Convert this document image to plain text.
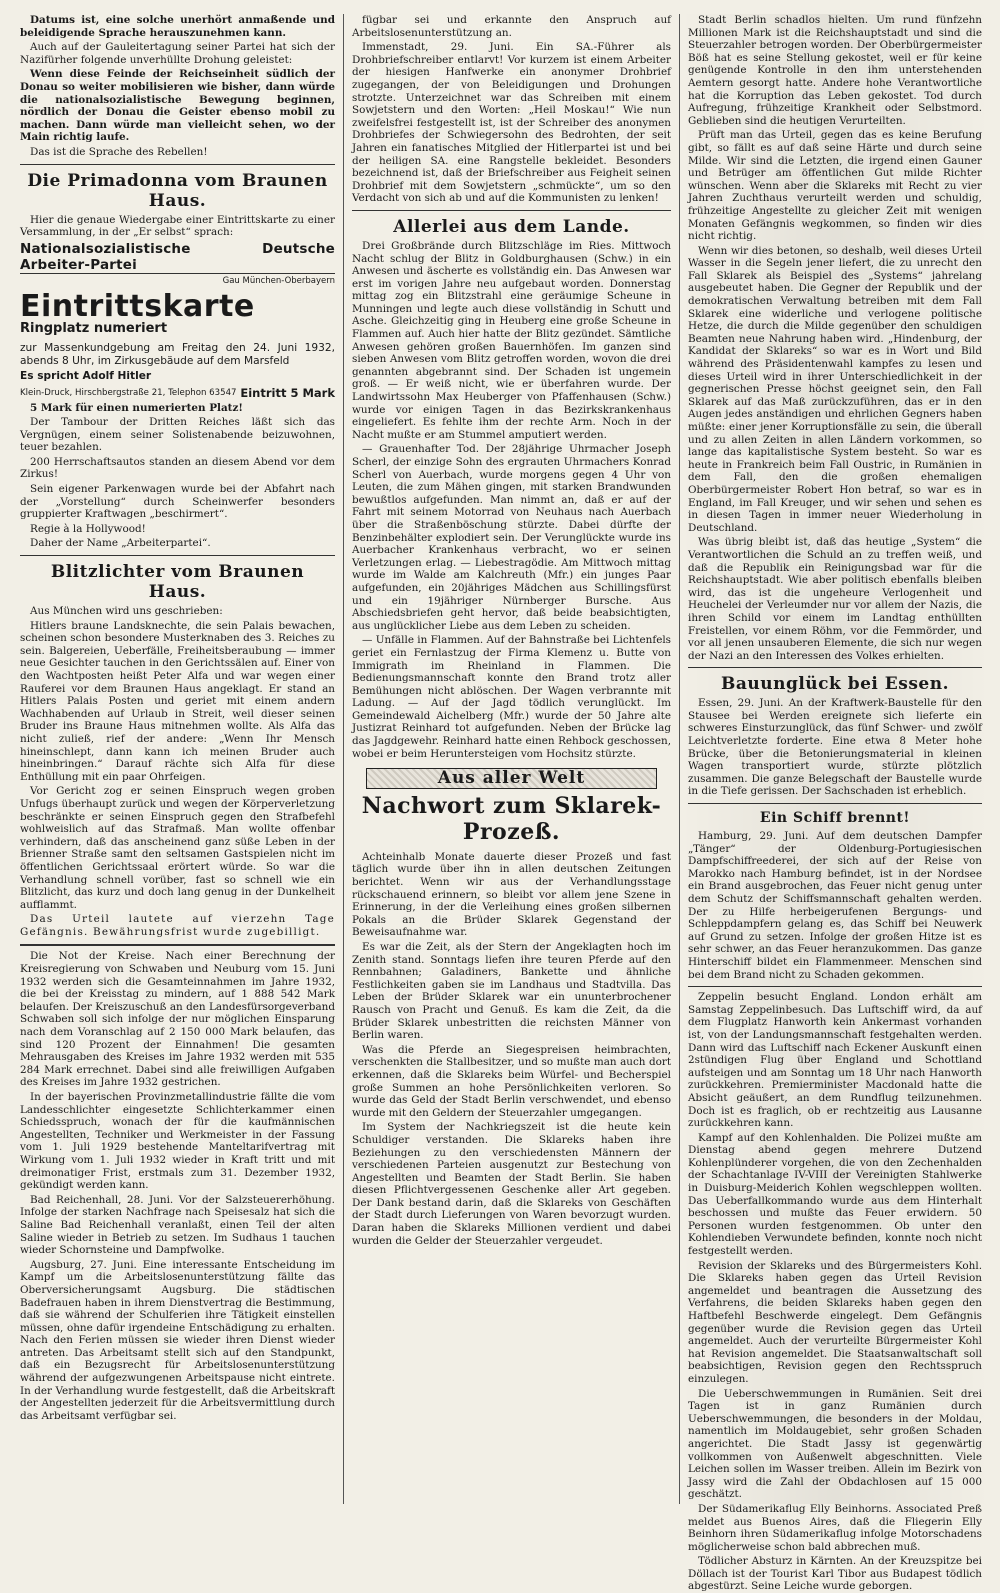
Datums ist, eine solche unerhört anmaßende und beleidigende Sprache herauszunehmen kann.

Auch auf der Gauleitertagung seiner Partei hat sich der Nazifürher folgende unverhüllte Drohung geleistet:

Wenn diese Feinde der Reichseinheit südlich der Donau so weiter mobilisieren wie bisher, dann würde die nationalsozialistische Bewegung beginnen, nördlich der Donau die Geister ebenso mobil zu machen. Dann würde man vielleicht sehen, wo der Main richtig laufe.

Das ist die Sprache des Rebellen!

Die Primadonna vom Braunen Haus.

Hier die genaue Wiedergabe einer Eintrittskarte zu einer Versammlung, in der „Er selbst“ sprach:

Nationalsozialistische Deutsche Arbeiter-Partei
Gau München-Oberbayern
Eintrittskarte
Ringplatz numeriert

zur Massenkundgebung am Freitag den 24. Juni 1932, abends 8 Uhr, im Zirkusgebäude auf dem Marsfeld

Es spricht Adolf Hitler

Klein-Druck, Hirschbergstraße 21, Telephon 63547 Eintritt 5 Mark

5 Mark für einen numerierten Platz!

Der Tambour der Dritten Reiches läßt sich das Vergnügen, einem seiner Solistenabende beizuwohnen, teuer bezahlen.

200 Herrschaftsautos standen an diesem Abend vor dem Zirkus!

Sein eigener Parkenwagen wurde bei der Abfahrt nach der „Vorstellung“ durch Scheinwerfer besonders gruppierter Kraftwagen „beschirmert“.

Regie à la Hollywood!

Daher der Name „Arbeiterpartei“.

Blitzlichter vom Braunen Haus.

Aus München wird uns geschrieben:

Hitlers braune Landsknechte, die sein Palais bewachen, scheinen schon besondere Musterknaben des 3. Reiches zu sein. Balgereien, Ueberfälle, Freiheitsberaubung — immer neue Gesichter tauchen in den Gerichtssälen auf. Einer von den Wachtposten heißt Peter Alfa und war wegen einer Rauferei vor dem Braunen Haus angeklagt. Er stand an Hitlers Palais Posten und geriet mit einem andern Wachhabenden auf Urlaub in Streit, weil dieser seinen Bruder ins Braune Haus mitnehmen wollte. Als Alfa das nicht zuließ, rief der andere: „Wenn Ihr Mensch hineinschlept, dann kann ich meinen Bruder auch hineinbringen.“ Darauf rächte sich Alfa für diese Enthüllung mit ein paar Ohrfeigen.

Vor Gericht zog er seinen Einspruch wegen groben Unfugs überhaupt zurück und wegen der Körperverletzung beschränkte er seinen Einspruch gegen den Strafbefehl wohlweislich auf das Strafmaß. Man wollte offenbar verhindern, daß das anscheinend ganz süße Leben in der Brienner Straße samt den seltsamen Gastspielen nicht im öffentlichen Gerichtssaal erörtert würde. So war die Verhandlung schnell vorüber, fast so schnell wie ein Blitzlicht, das kurz und doch lang genug in der Dunkelheit aufflammt.

Das Urteil lautete auf vierzehn Tage Gefängnis. Bewährungsfrist wurde zugebilligt.

Die Not der Kreise. Nach einer Berechnung der Kreisregierung von Schwaben und Neuburg vom 15. Juni 1932 werden sich die Gesamteinnahmen im Jahre 1932, die bei der Kreisstag zu mindern, auf 1 888 542 Mark belaufen. Der Kreiszuschuß an den Landesfürsorgeverband Schwaben soll sich infolge der nur möglichen Einsparung nach dem Voranschlag auf 2 150 000 Mark belaufen, das sind 120 Prozent der Einnahmen! Die gesamten Mehrausgaben des Kreises im Jahre 1932 werden mit 535 284 Mark errechnet. Dabei sind alle freiwilligen Aufgaben des Kreises im Jahre 1932 gestrichen.

In der bayerischen Provinzmetallindustrie fällte die vom Landesschlichter eingesetzte Schlichterkammer einen Schiedsspruch, wonach der für die kaufmännischen Angestellten, Techniker und Werkmeister in der Fassung vom 1. Juli 1929 bestehende Manteltarifvertrag mit Wirkung vom 1. Juli 1932 wieder in Kraft tritt und mit dreimonatiger Frist, erstmals zum 31. Dezember 1932, gekündigt werden kann.

Bad Reichenhall, 28. Juni. Vor der Salzsteuererhöhung. Infolge der starken Nachfrage nach Speisesalz hat sich die Saline Bad Reichenhall veranlaßt, einen Teil der alten Saline wieder in Betrieb zu setzen. Im Sudhaus 1 tauchen wieder Schornsteine und Dampfwolke.

Augsburg, 27. Juni. Eine interessante Entscheidung im Kampf um die Arbeitslosenunterstützung fällte das Oberversicherungsamt Augsburg. Die städtischen Badefrauen haben in ihrem Dienstvertrag die Bestimmung, daß sie während der Schulferien ihre Tätigkeit einstellen müssen, ohne dafür irgendeine Entschädigung zu erhalten. Nach den Ferien müssen sie wieder ihren Dienst wieder antreten. Das Arbeitsamt stellt sich auf den Standpunkt, daß ein Bezugsrecht für Arbeitslosenunterstützung während der aufgezwungenen Arbeitspause nicht eintrete. In der Verhandlung wurde festgestellt, daß die Arbeitskraft der Angestellten jederzeit für die Arbeitsvermittlung durch das Arbeitsamt verfügbar sei.

fügbar sei und erkannte den Anspruch auf Arbeitslosenunterstützung an.

Immenstadt, 29. Juni. Ein SA.-Führer als Drohbriefschreiber entlarvt! Vor kurzem ist einem Arbeiter der hiesigen Hanfwerke ein anonymer Drohbrief zugegangen, der von Beleidigungen und Drohungen strotzte. Unterzeichnet war das Schreiben mit einem Sowjetstern und den Worten: „Heil Moskau!“ Wie nun zweifelsfrei festgestellt ist, ist der Schreiber des anonymen Drohbriefes der Schwiegersohn des Bedrohten, der seit Jahren ein fanatisches Mitglied der Hitlerpartei ist und bei der heiligen SA. eine Rangstelle bekleidet. Besonders bezeichnend ist, daß der Briefschreiber aus Feigheit seinen Drohbrief mit dem Sowjetstern „schmückte“, um so den Verdacht von sich ab und auf die Kommunisten zu lenken!

Allerlei aus dem Lande.

Drei Großbrände durch Blitzschläge im Ries. Mittwoch Nacht schlug der Blitz in Goldburghausen (Schw.) in ein Anwesen und äscherte es vollständig ein. Das Anwesen war erst im vorigen Jahre neu aufgebaut worden. Donnerstag mittag zog ein Blitzstrahl eine geräumige Scheune in Munningen und legte auch diese vollständig in Schutt und Asche. Gleichzeitig ging in Heuberg eine große Scheune in Flammen auf. Auch hier hatte der Blitz gezündet. Sämtliche Anwesen gehören großen Bauernhöfen. Im ganzen sind sieben Anwesen vom Blitz getroffen worden, wovon die drei genannten abgebrannt sind. Der Schaden ist ungemein groß. — Er weiß nicht, wie er überfahren wurde. Der Landwirtssohn Max Heuberger von Pfaffenhausen (Schw.) wurde vor einigen Tagen in das Bezirkskrankenhaus eingeliefert. Es fehlte ihm der rechte Arm. Noch in der Nacht mußte er am Stummel amputiert werden.

— Grauenhafter Tod. Der 28jährige Uhrmacher Joseph Scherl, der einzige Sohn des ergrauten Uhrmachers Konrad Scherl von Auerbach, wurde morgens gegen 4 Uhr von Leuten, die zum Mähen gingen, mit starken Brandwunden bewußtlos aufgefunden. Man nimmt an, daß er auf der Fahrt mit seinem Motorrad von Neuhaus nach Auerbach über die Straßenböschung stürzte. Dabei dürfte der Benzinbehälter explodiert sein. Der Verunglückte wurde ins Auerbacher Krankenhaus verbracht, wo er seinen Verletzungen erlag. — Liebestragödie. Am Mittwoch mittag wurde im Walde am Kalchreuth (Mfr.) ein junges Paar aufgefunden, ein 20jähriges Mädchen aus Schillingsfürst und ein 19jähriger Nürnberger Bursche. Aus Abschiedsbriefen geht hervor, daß beide beabsichtigten, aus unglücklicher Liebe aus dem Leben zu scheiden.

— Unfälle in Flammen. Auf der Bahnstraße bei Lichtenfels geriet ein Fernlastzug der Firma Klemenz u. Butte von Immigrath im Rheinland in Flammen. Die Bedienungsmannschaft konnte den Brand trotz aller Bemühungen nicht ablöschen. Der Wagen verbrannte mit Ladung. — Auf der Jagd tödlich verunglückt. Im Gemeindewald Aichelberg (Mfr.) wurde der 50 Jahre alte Justizrat Reinhard tot aufgefunden. Neben der Brücke lag das Jagdgewehr. Reinhard hatte einen Rehbock geschossen, wobei er beim Heruntersteigen vom Hochsitz stürzte.

Aus aller Welt
Nachwort zum Sklarek-Prozeß.

Achteinhalb Monate dauerte dieser Prozeß und fast täglich wurde über ihn in allen deutschen Zeitungen berichtet. Wenn wir aus der Verhandlungsstage rückschauend erinnern, so bleibt vor allem jene Szene in Erinnerung, in der die Verleihung eines großen silbernen Pokals an die Brüder Sklarek Gegenstand der Beweisaufnahme war.

Es war die Zeit, als der Stern der Angeklagten hoch im Zenith stand. Sonntags liefen ihre teuren Pferde auf den Rennbahnen; Galadiners, Bankette und ähnliche Festlichkeiten gaben sie im Landhaus und Stadtvilla. Das Leben der Brüder Sklarek war ein ununterbrochener Rausch von Pracht und Genuß. Es kam die Zeit, da die Brüder Sklarek unbestritten die reichsten Männer von Berlin waren.

Was die Pferde an Siegespreisen heimbrachten, verschenkten die Stallbesitzer, und so mußte man auch dort erkennen, daß die Sklareks beim Würfel- und Becherspiel große Summen an hohe Persönlichkeiten verloren. So wurde das Geld der Stadt Berlin verschwendet, und ebenso wurde mit den Geldern der Steuerzahler umgegangen.

Im System der Nachkriegszeit ist die heute kein Schuldiger verstanden. Die Sklareks haben ihre Beziehungen zu den verschiedensten Männern der verschiedenen Parteien ausgenutzt zur Bestechung von Angestellten und Beamten der Stadt Berlin. Sie haben diesen Pflichtvergessenen Geschenke aller Art gegeben. Der Dank bestand darin, daß die Sklareks von Geschäften der Stadt durch Lieferungen von Waren bevorzugt wurden. Daran haben die Sklareks Millionen verdient und dabei wurden die Gelder der Steuerzahler vergeudet.

Stadt Berlin schadlos hielten. Um rund fünfzehn Millionen Mark ist die Reichshauptstadt und sind die Steuerzahler betrogen worden. Der Oberbürgermeister Böß hat es seine Stellung gekostet, weil er für keine genügende Kontrolle in den ihm unterstehenden Aemtern gesorgt hatte. Andere hohe Verantwortliche hat die Korruption das Leben gekostet. Tod durch Aufregung, frühzeitige Krankheit oder Selbstmord. Geblieben sind die heutigen Verurteilten.

Prüft man das Urteil, gegen das es keine Berufung gibt, so fällt es auf daß seine Härte und durch seine Milde. Wir sind die Letzten, die irgend einen Gauner und Betrüger am öffentlichen Gut milde Richter wünschen. Wenn aber die Sklareks mit Recht zu vier Jahren Zuchthaus verurteilt werden und schuldig, frühzeitige Angestellte zu gleicher Zeit mit wenigen Monaten Gefängnis wegkommen, so finden wir dies nicht richtig.

Wenn wir dies betonen, so deshalb, weil dieses Urteil Wasser in die Segeln jener liefert, die zu unrecht den Fall Sklarek als Beispiel des „Systems“ jahrelang ausgebeutet haben. Die Gegner der Republik und der demokratischen Verwaltung betreiben mit dem Fall Sklarek eine widerliche und verlogene politische Hetze, die durch die Milde gegenüber den schuldigen Beamten neue Nahrung haben wird. „Hindenburg, der Kandidat der Sklareks“ so war es in Wort und Bild während des Präsidentenwahl kampfes zu lesen und dieses Urteil wird in ihrer Unterschiedlichkeit in der gegnerischen Presse höchst geeignet sein, den Fall Sklarek auf das Maß zurückzuführen, das er in den Augen jedes anständigen und ehrlichen Gegners haben müßte: einer jener Korruptionsfälle zu sein, die überall und zu allen Zeiten in allen Ländern vorkommen, so lange das kapitalistische System besteht. So war es heute in Frankreich beim Fall Oustric, in Rumänien in dem Fall, den die großen ehemaligen Oberbürgermeister Robert Hon betraf, so war es in England, im Fall Kreuger, und wir sehen und sehen es in diesen Tagen in immer neuer Wiederholung in Deutschland.

Was übrig bleibt ist, daß das heutige „System“ die Verantwortlichen die Schuld an zu treffen weiß, und daß die Republik ein Reinigungsbad war für die Reichshauptstadt. Wie aber politisch ebenfalls bleiben wird, das ist die ungeheure Verlogenheit und Heuchelei der Verleumder nur vor allem der Nazis, die ihren Schild vor einem im Landtag enthüllten Freistellen, vor einem Röhm, vor die Femmörder, und vor all jenen unsauberen Elemente, die sich nur wegen der Nazi an den Interessen des Volkes erhielten.

Bauunglück bei Essen.

Essen, 29. Juni. An der Kraftwerk-Baustelle für den Stausee bei Werden ereignete sich lieferte ein schweres Einsturzunglück, das fünf Schwer- und zwölf Leichtverletzte forderte. Eine etwa 8 Meter hohe Brücke, über die Betonierungsmaterial in kleinen Wagen transportiert wurde, stürzte plötzlich zusammen. Die ganze Belegschaft der Baustelle wurde in die Tiefe gerissen. Der Sachschaden ist erheblich.

Ein Schiff brennt!

Hamburg, 29. Juni. Auf dem deutschen Dampfer „Tänger“ der Oldenburg-Portugiesischen Dampfschiffreederei, der sich auf der Reise von Marokko nach Hamburg befindet, ist in der Nordsee ein Brand ausgebrochen, das Feuer nicht genug unter dem Schutz der Schiffsmannschaft gehalten werden. Der zu Hilfe herbeigerufenen Bergungs- und Schleppdampfern gelang es, das Schiff bei Neuwerk auf Grund zu setzen. Infolge der großen Hitze ist es sehr schwer, an das Feuer heranzukommen. Das ganze Hinterschiff bildet ein Flammenmeer. Menschen sind bei dem Brand nicht zu Schaden gekommen.

Zeppelin besucht England. London erhält am Samstag Zeppelinbesuch. Das Luftschiff wird, da auf dem Flugplatz Hanworth kein Ankermast vorhanden ist, von der Landungsmannschaft festgehalten werden. Dann wird das Luftschiff nach Eckener Auskunft einen 2stündigen Flug über England und Schottland aufsteigen und am Sonntag um 18 Uhr nach Hanworth zurückkehren. Premierminister Macdonald hatte die Absicht geäußert, an dem Rundflug teilzunehmen. Doch ist es fraglich, ob er rechtzeitig aus Lausanne zurückkehren kann.

Kampf auf den Kohlenhalden. Die Polizei mußte am Dienstag abend gegen mehrere Dutzend Kohlenplünderer vorgehen, die von den Zechenhalden der Schachtanlage IV-VIII der Vereinigten Stahlwerke in Duisburg-Meiderich Kohlen wegschleppen wollten. Das Ueberfallkommando wurde aus dem Hinterhalt beschossen und mußte das Feuer erwidern. 50 Personen wurden festgenommen. Ob unter den Kohlendieben Verwundete befinden, konnte noch nicht festgestellt werden.

Revision der Sklareks und des Bürgermeisters Kohl. Die Sklareks haben gegen das Urteil Revision angemeldet und beantragen die Aussetzung des Verfahrens, die beiden Sklareks haben gegen den Haftbefehl Beschwerde eingelegt. Dem Gefängnis gegenüber wurde die Revision gegen das Urteil angemeldet. Auch der verurteilte Bürgermeister Kohl hat Revision angemeldet. Die Staatsanwaltschaft soll beabsichtigen, Revision gegen den Rechtsspruch einzulegen.

Die Ueberschwemmungen in Rumänien. Seit drei Tagen ist in ganz Rumänien durch Ueberschwemmungen, die besonders in der Moldau, namentlich im Moldaugebiet, sehr großen Schaden angerichtet. Die Stadt Jassy ist gegenwärtig vollkommen von Außenwelt abgeschnitten. Viele Leichen sollen im Wasser treiben. Allein im Bezirk von Jassy wird die Zahl der Obdachlosen auf 15 000 geschätzt.

Der Südamerikaflug Elly Beinhorns. Associated Preß meldet aus Buenos Aires, daß die Fliegerin Elly Beinhorn ihren Südamerikaflug infolge Motorschadens möglicherweise schon bald abbrechen muß.

Tödlicher Absturz in Kärnten. An der Kreuzspitze bei Döllach ist der Tourist Karl Tibor aus Budapest tödlich abgestürzt. Seine Leiche wurde geborgen.
